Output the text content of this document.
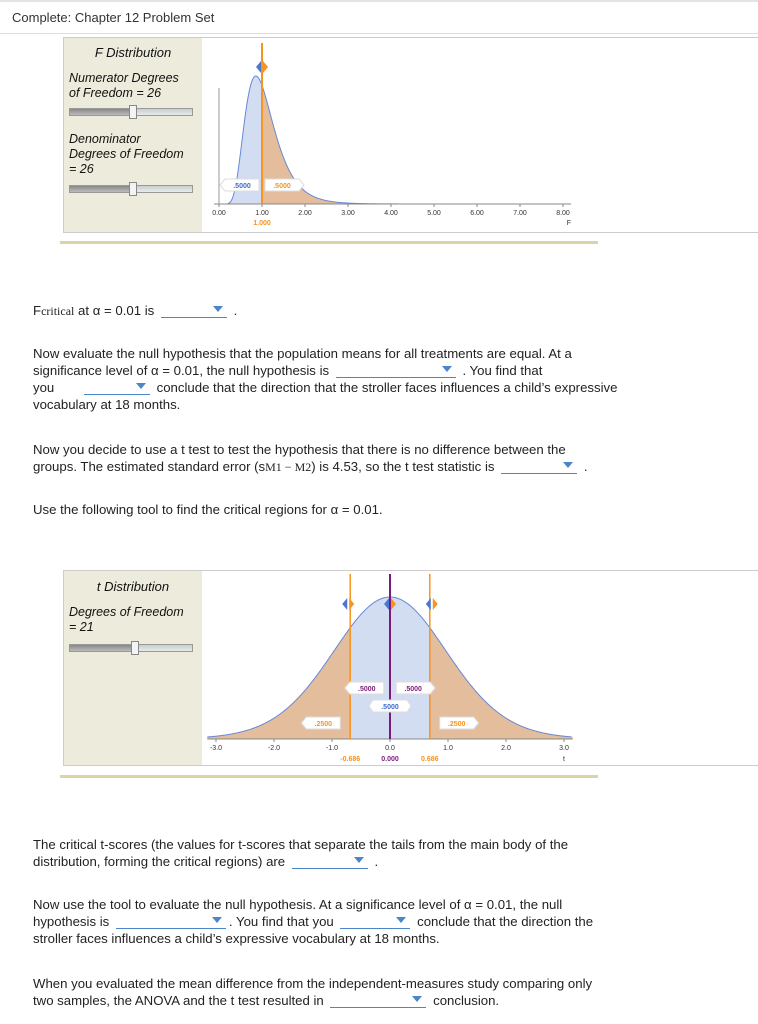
Complete: Chapter 12 Problem Set
F Distribution
Numerator Degrees of Freedom = 26
Denominator
Degrees of Freedom
= 26
0.00	1.00	2.00	3.00	4.00	5.00	6.00	7.00	8.00
F
1.000
.5000	.5000
Fcritical at α = 0.01 is	.
Now evaluate the null hypothesis that the population means for all treatments are equal. At a
significance level of α = 0.01, the null hypothesis is	. You find that
you	conclude that the direction that the stroller faces influences a child’s expressive
vocabulary at 18 months.
Now you decide to use a t test to test the hypothesis that there is no difference between the
groups. The estimated standard error (sM1 − M2) is 4.53, so the t test statistic is	.
Use the following tool to find the critical regions for α = 0.01.
t Distribution
Degrees of Freedom
= 21
-3.0	-2.0	-1.0	0.0	1.0	2.0	3.0
t
-0.686	0.000	0.686
.5000	.5000
.5000
.2500	.2500
The critical t-scores (the values for t-scores that separate the tails from the main body of the
distribution, forming the critical regions) are	.
Now use the tool to evaluate the null hypothesis. At a significance level of α = 0.01, the null
hypothesis is	. You find that you	conclude that the direction the
stroller faces influences a child’s expressive vocabulary at 18 months.
When you evaluated the mean difference from the independent-measures study comparing only
two samples, the ANOVA and the t test resulted in	conclusion.
